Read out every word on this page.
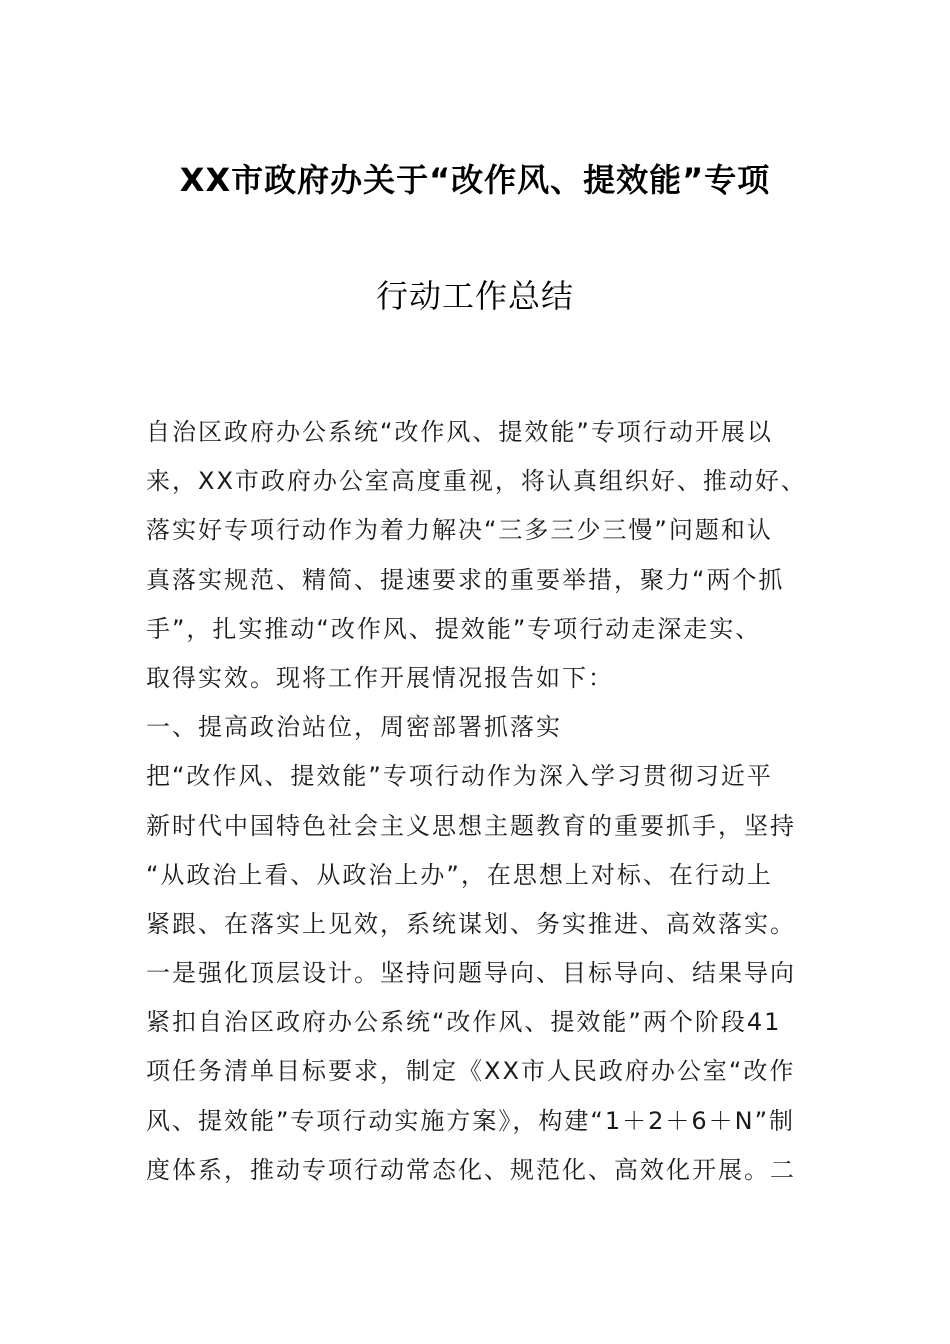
XX市政府办关于“改作风、提效能”专项
行动工作总结
自治区政府办公系统“改作风、提效能”专项行动开展以
来，XX市政府办公室高度重视，将认真组织好、推动好、
落实好专项行动作为着力解决“三多三少三慢”问题和认
真落实规范、精简、提速要求的重要举措，聚力“两个抓
手”，扎实推动“改作风、提效能”专项行动走深走实、
取得实效。现将工作开展情况报告如下：
一、提高政治站位，周密部署抓落实
把“改作风、提效能”专项行动作为深入学习贯彻习近平
新时代中国特色社会主义思想主题教育的重要抓手，坚持
“从政治上看、从政治上办”，在思想上对标、在行动上
紧跟、在落实上见效，系统谋划、务实推进、高效落实。
一是强化顶层设计。坚持问题导向、目标导向、结果导向
紧扣自治区政府办公系统“改作风、提效能”两个阶段41
项任务清单目标要求，制定《XX市人民政府办公室“改作
风、提效能”专项行动实施方案》，构建“1＋2＋6＋N”制
度体系，推动专项行动常态化、规范化、高效化开展。二
